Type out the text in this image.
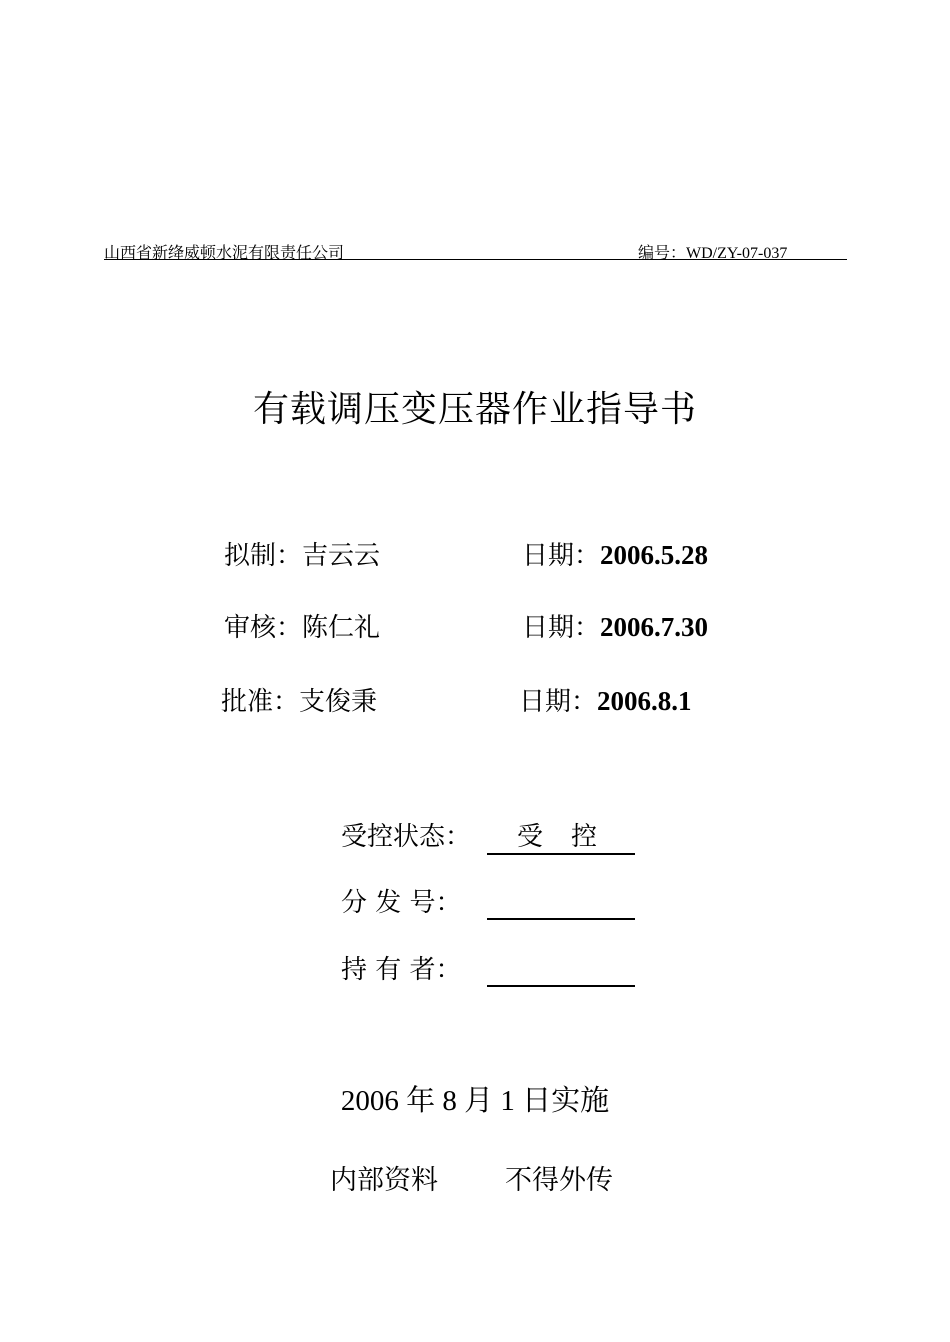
山西省新绛威顿水泥有限责任公司	编号：WD/ZY-07-037
有载调压变压器作业指导书
拟制：吉云云	日期：2006.5.28
审核：陈仁礼	日期：2006.7.30
批准：支俊秉	日期：2006.8.1
受控状态： 受控
分 发 号：
持 有 者：
2006 年 8 月 1 日实施
内部资料 不得外传
